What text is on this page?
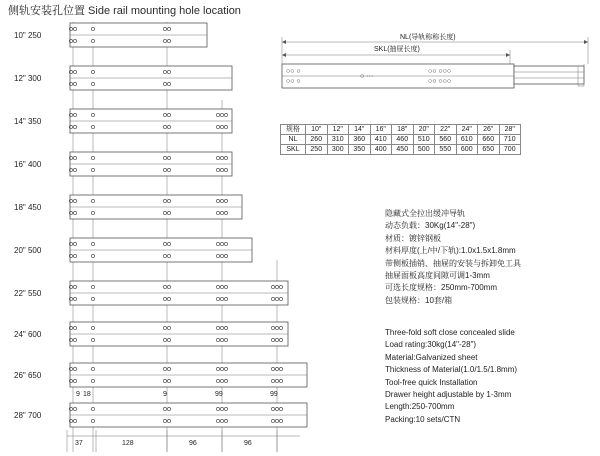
侧轨安装孔位置 Side rail mounting hole location
10" 250
12" 300
14" 350
16" 400
18" 450
20" 500
22" 550
24" 600
26" 650
28" 700
9 18	9	99	99
37	128	96	96
NL(导轨称称长度)
SKL(抽屉长度)
○○ ○
○○ ○
○ ···
○○ ○○○
○○ ○○○
规格	10"	12"	14"	16"	18"	20"	22"	24"	26"	28"
NL	260	310	360	410	460	510	560	610	660	710
SKL	250	300	350	400	450	500	550	600	650	700
隐藏式全拉出缓冲导轨
动态负载：30Kg(14"-28")
材质：镀锌钢板
材料厚度(上/中/下轨):1.0x1.5x1.8mm
带侧板插销、抽屉的安装与拆卸免工具
抽屉面板高度间隙可调1-3mm
可选长度规格：250mm-700mm
包装规格：10套/箱
Three-fold soft close concealed slide
Load rating:30kg(14"-28")
Material:Galvanized sheet
Thickness of Material(1.0/1.5/1.8mm)
Tool-free quick Installation
Drawer height adjustable by 1-3mm
Length:250-700mm
Packing:10 sets/CTN
